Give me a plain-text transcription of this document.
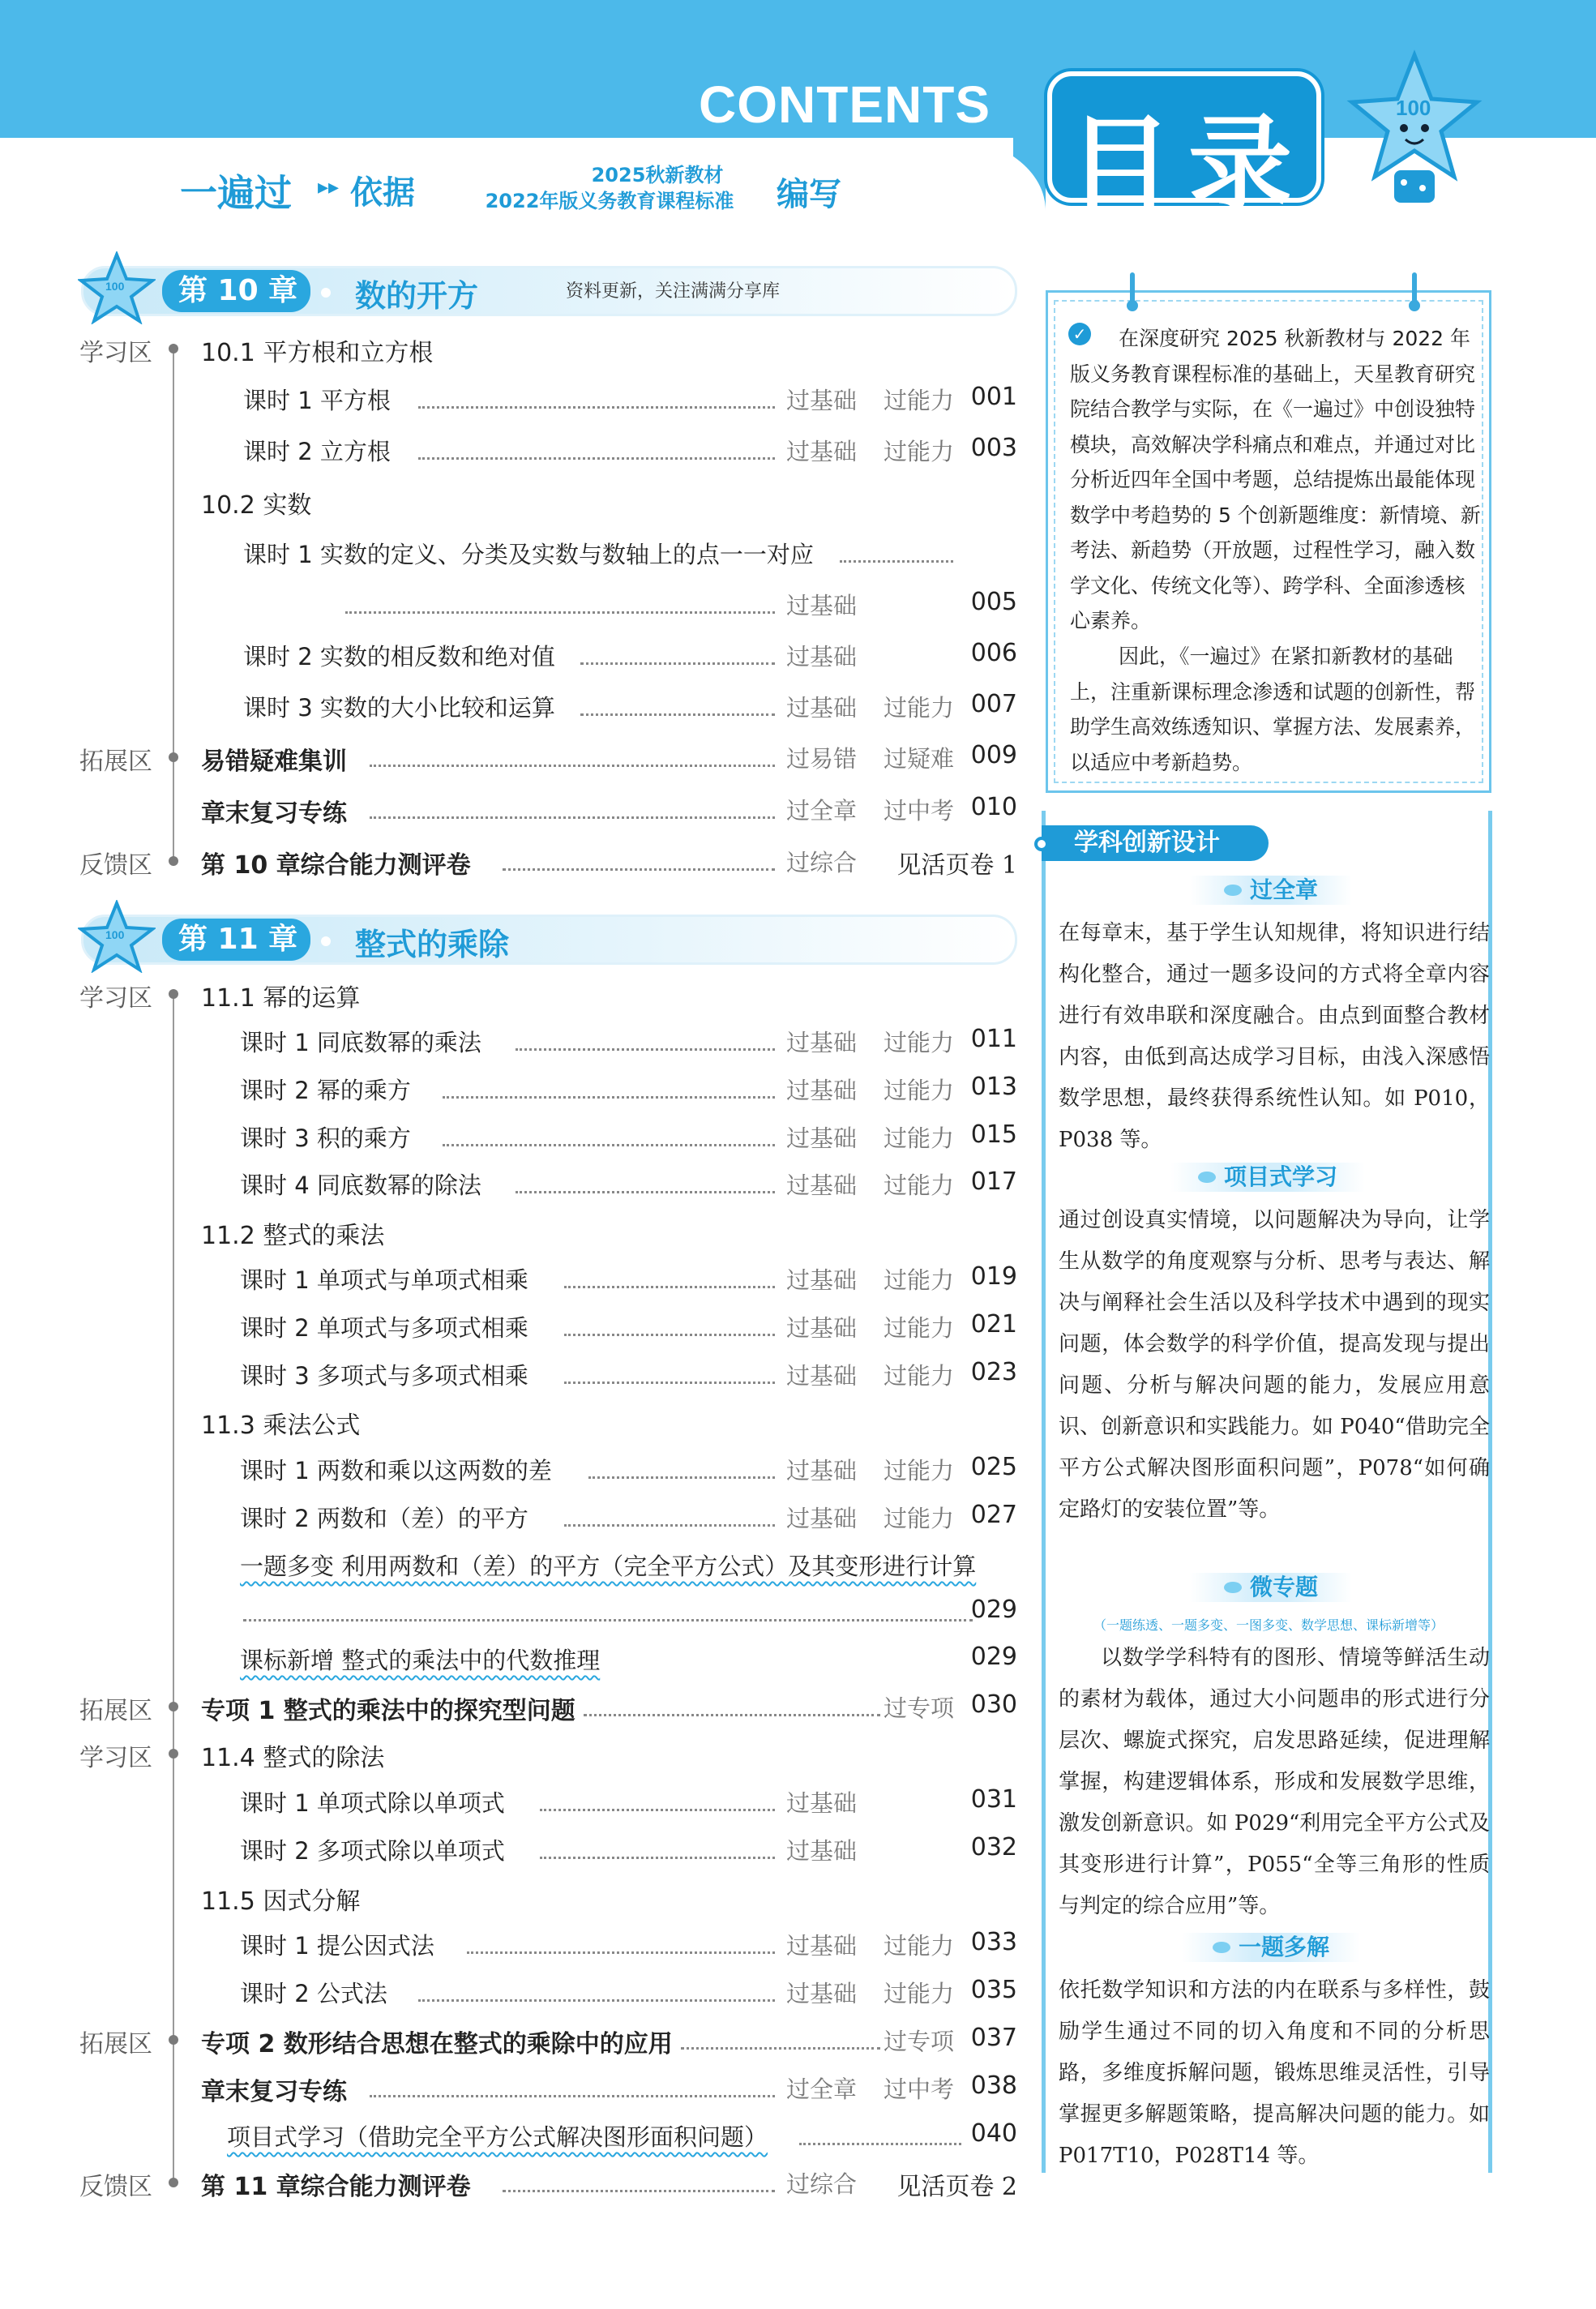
CONTENTS 目录	100
一遍过 ▸▸ 依据	2025秋新教材
2022年版义务教育课程标准	编写
100	第 10 章	数的开方	资料更新，关注满满分享库
学习区 10.1 平方根和立方根
课时 1 平方根	过基础 过能力 001
课时 2 立方根	过基础 过能力 003
10.2 实数
课时 1 实数的定义、分类及实数与数轴上的点一一对应
过基础	005
课时 2 实数的相反数和绝对值	过基础	006
课时 3 实数的大小比较和运算	过基础 过能力 007
拓展区 易错疑难集训	过易错 过疑难 009
章末复习专练	过全章 过中考 010
反馈区 第 10 章综合能力测评卷	过综合	见活页卷 1
100	第 11 章	整式的乘除
学习区 11.1 幂的运算
课时 1 同底数幂的乘法	过基础 过能力 011
课时 2 幂的乘方	过基础 过能力 013
课时 3 积的乘方	过基础 过能力 015
课时 4 同底数幂的除法	过基础 过能力 017
11.2 整式的乘法
课时 1 单项式与单项式相乘	过基础 过能力 019
课时 2 单项式与多项式相乘	过基础 过能力 021
课时 3 多项式与多项式相乘	过基础 过能力 023
11.3 乘法公式
课时 1 两数和乘以这两数的差	过基础 过能力 025
课时 2 两数和（差）的平方	过基础 过能力 027
一题多变 利用两数和（差）的平方（完全平方公式）及其变形进行计算
029
课标新增 整式的乘法中的代数推理	029
拓展区 专项 1 整式的乘法中的探究型问题	过专项 030
学习区 11.4 整式的除法
课时 1 单项式除以单项式	过基础	031
课时 2 多项式除以单项式	过基础	032
11.5 因式分解
课时 1 提公因式法	过基础 过能力 033
课时 2 公式法	过基础 过能力 035
拓展区 专项 2 数形结合思想在整式的乘除中的应用	过专项 037
章末复习专练	过全章 过中考 038
项目式学习（借助完全平方公式解决图形面积问题）	040
反馈区 第 11 章综合能力测评卷	过综合	见活页卷 2
✓	在深度研究 2025 秋新教材与 2022 年版义务教育课程标准的基础上，天星教育研究院结合教学与实际，在《一遍过》中创设独特模块，高效解决学科痛点和难点，并通过对比分析近四年全国中考题，总结提炼出最能体现数学中考趋势的 5 个创新题维度：新情境、新考法、新趋势（开放题，过程性学习，融入数学文化、传统文化等）、跨学科、全面渗透核心素养。
因此，《一遍过》在紧扣新教材的基础上，注重新课标理念渗透和试题的创新性，帮助学生高效练透知识、掌握方法、发展素养，以适应中考新趋势。
学科创新设计
过全章
在每章末，基于学生认知规律，将知识进行结构化整合，通过一题多设问的方式将全章内容进行有效串联和深度融合。由点到面整合教材内容，由低到高达成学习目标，由浅入深感悟数学思想，最终获得系统性认知。如 P010，P038 等。
项目式学习
通过创设真实情境，以问题解决为导向，让学生从数学的角度观察与分析、思考与表达、解决与阐释社会生活以及科学技术中遇到的现实问题，体会数学的科学价值，提高发现与提出问题、分析与解决问题的能力，发展应用意识、创新意识和实践能力。如 P040“借助完全平方公式解决图形面积问题”，P078“如何确定路灯的安装位置”等。
微专题
（一题练透、一题多变、一图多变、数学思想、课标新增等）
以数学学科特有的图形、情境等鲜活生动的素材为载体，通过大小问题串的形式进行分层次、螺旋式探究，启发思路延续，促进理解掌握，构建逻辑体系，形成和发展数学思维，激发创新意识。如 P029“利用完全平方公式及其变形进行计算”，P055“全等三角形的性质与判定的综合应用”等。
一题多解
依托数学知识和方法的内在联系与多样性，鼓励学生通过不同的切入角度和不同的分析思路，多维度拆解问题，锻炼思维灵活性，引导掌握更多解题策略，提高解决问题的能力。如 P017T10，P028T14 等。
